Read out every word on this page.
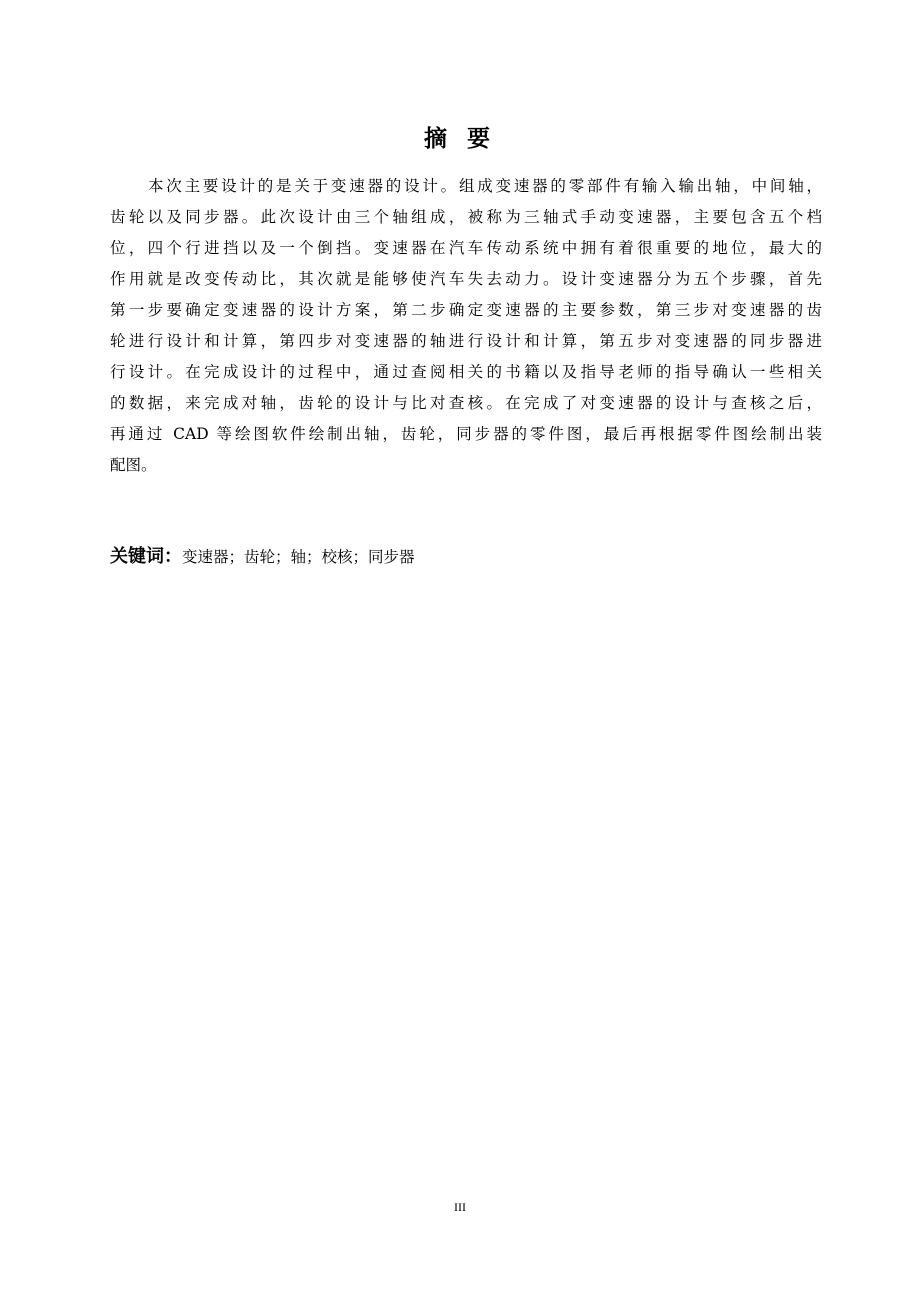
摘 要
本次主要设计的是关于变速器的设计。组成变速器的零部件有输入输出轴，中间轴，
齿轮以及同步器。此次设计由三个轴组成，被称为三轴式手动变速器，主要包含五个档
位，四个行进挡以及一个倒挡。变速器在汽车传动系统中拥有着很重要的地位，最大的
作用就是改变传动比，其次就是能够使汽车失去动力。设计变速器分为五个步骤，首先
第一步要确定变速器的设计方案，第二步确定变速器的主要参数，第三步对变速器的齿
轮进行设计和计算，第四步对变速器的轴进行设计和计算，第五步对变速器的同步器进
行设计。在完成设计的过程中，通过查阅相关的书籍以及指导老师的指导确认一些相关
的数据，来完成对轴，齿轮的设计与比对查核。在完成了对变速器的设计与查核之后，
再通过 CAD 等绘图软件绘制出轴，齿轮，同步器的零件图，最后再根据零件图绘制出装
配图。
关键词：变速器；齿轮；轴；校核；同步器
III
